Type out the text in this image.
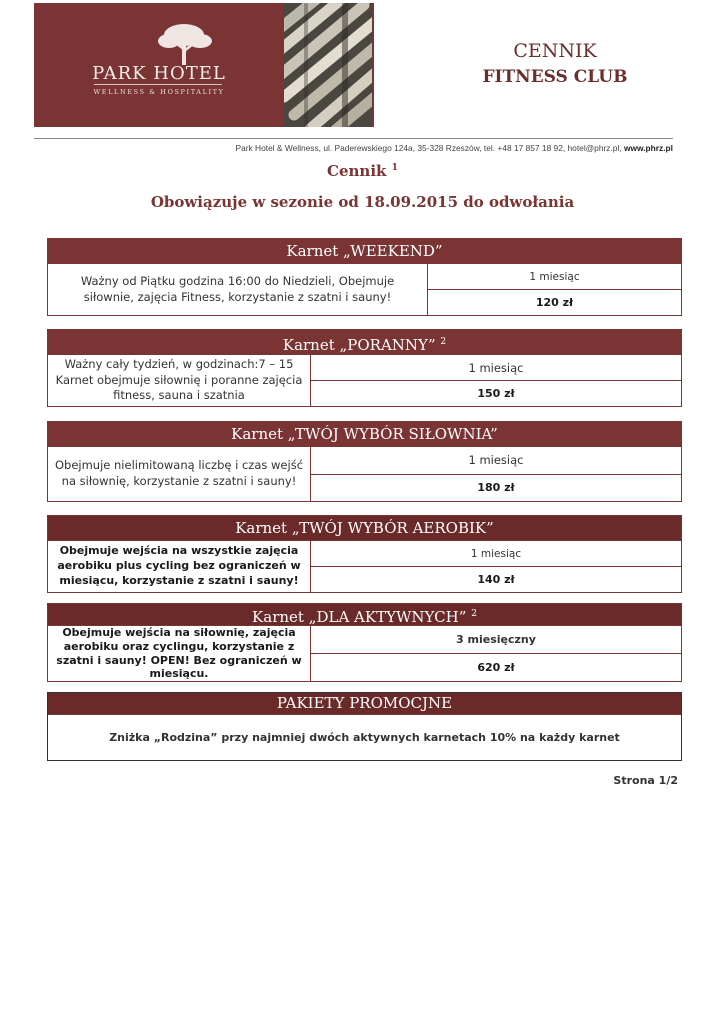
PARK HOTEL
WELLNESS & HOSPITALITY
CENNIK
FITNESS CLUB
Park Hotel & Wellness, ul. Paderewskiego 124a, 35-328 Rzeszów, tel. +48 17 857 18 92, hotel@phrz.pl, www.phrz.pl
Cennik $^1$
Obowiązuje w sezonie od 18.09.2015 do odwołania
Karnet „WEEKEND”
Ważny od Piątku godzina 16:00 do Niedzieli, Obejmuje siłownie, zajęcia Fitness, korzystanie z szatni i sauny!
1 miesiąc
120 zł
Karnet „PORANNY” $^2$
Ważny cały tydzień, w godzinach:7 – 15 Karnet obejmuje siłownię i poranne zajęcia fitness, sauna i szatnia
1 miesiąc
150 zł
Karnet „TWÓJ WYBÓR SIŁOWNIA”
Obejmuje nielimitowaną liczbę i czas wejść na siłownię, korzystanie z szatni i sauny!
1 miesiąc
180 zł
Karnet „TWÓJ WYBÓR AEROBIK”
Obejmuje wejścia na wszystkie zajęcia aerobiku plus cycling bez ograniczeń w miesiącu, korzystanie z szatni i sauny!
1 miesiąc
140 zł
Karnet „DLA AKTYWNYCH” $^2$
Obejmuje wejścia na siłownię, zajęcia aerobiku oraz cyclingu, korzystanie z szatni i sauny! OPEN! Bez ograniczeń w miesiącu.
3 miesięczny
620 zł
PAKIETY PROMOCJNE
Zniżka „Rodzina” przy najmniej dwóch aktywnych karnetach 10% na każdy karnet
Strona 1/2
